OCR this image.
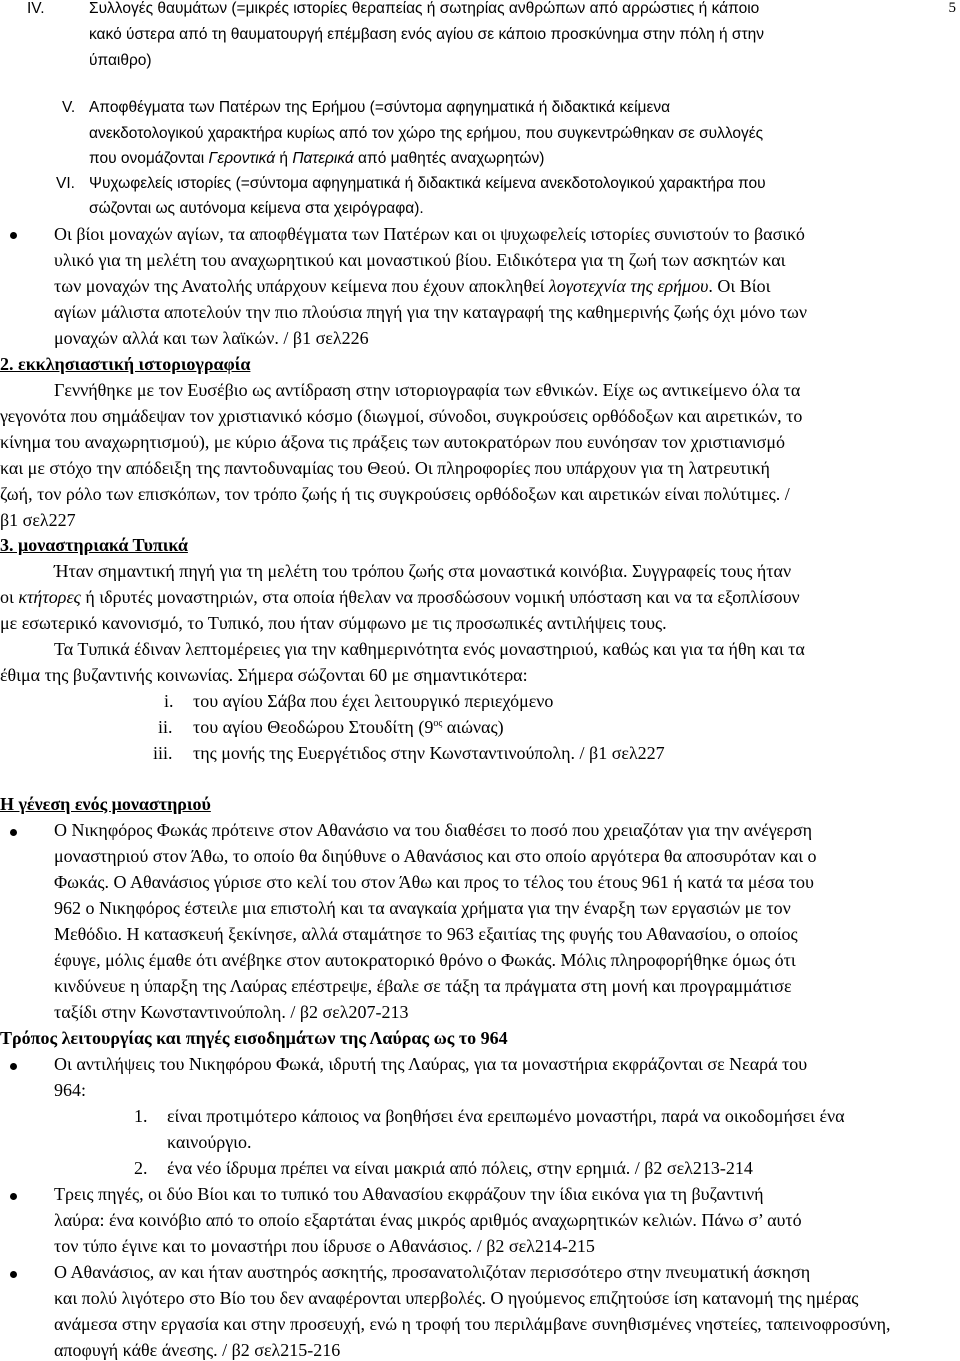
5
IV.	Συλλογές θαυμάτων (=μικρές ιστορίες θεραπείας ή σωτηρίας ανθρώπων από αρρώστιες ή κάποιο
κακό ύστερα από τη θαυματουργή επέμβαση ενός αγίου σε κάποιο προσκύνημα στην πόλη ή στην
ύπαιθρο)
V. Αποφθέγματα των Πατέρων της Ερήμου (=σύντομα αφηγηματικά ή διδακτικά κείμενα
ανεκδοτολογικού χαρακτήρα κυρίως από τον χώρο της ερήμου, που συγκεντρώθηκαν σε συλλογές
που ονομάζονται Γεροντικά ή Πατερικά από μαθητές αναχωρητών)
VI. Ψυχωφελείς ιστορίες (=σύντομα αφηγηματικά ή διδακτικά κείμενα ανεκδοτολογικού χαρακτήρα που
σώζονται ως αυτόνομα κείμενα στα χειρόγραφα).
Οι βίοι μοναχών αγίων, τα αποφθέγματα των Πατέρων και οι ψυχωφελείς ιστορίες συνιστούν το βασικό
υλικό για τη μελέτη του αναχωρητικού και μοναστικού βίου. Ειδικότερα για τη ζωή των ασκητών και
των μοναχών της Ανατολής υπάρχουν κείμενα που έχουν αποκληθεί λογοτεχνία της ερήμου. Οι Βίοι
αγίων μάλιστα αποτελούν την πιο πλούσια πηγή για την καταγραφή της καθημερινής ζωής όχι μόνο των
μοναχών αλλά και των λαϊκών. / β1 σελ226
2. εκκλησιαστική ιστοριογραφία
Γεννήθηκε με τον Ευσέβιο ως αντίδραση στην ιστοριογραφία των εθνικών. Είχε ως αντικείμενο όλα τα
γεγονότα που σημάδεψαν τον χριστιανικό κόσμο (διωγμοί, σύνοδοι, συγκρούσεις ορθόδοξων και αιρετικών, το
κίνημα του αναχωρητισμού), με κύριο άξονα τις πράξεις των αυτοκρατόρων που ευνόησαν τον χριστιανισμό
και με στόχο την απόδειξη της παντοδυναμίας του Θεού. Οι πληροφορίες που υπάρχουν για τη λατρευτική
ζωή, τον ρόλο των επισκόπων, τον τρόπο ζωής ή τις συγκρούσεις ορθόδοξων και αιρετικών είναι πολύτιμες. /
β1 σελ227
3. μοναστηριακά Τυπικά
Ήταν σημαντική πηγή για τη μελέτη του τρόπου ζωής στα μοναστικά κοινόβια. Συγγραφείς τους ήταν
οι κτήτορες ή ιδρυτές μοναστηριών, στα οποία ήθελαν να προσδώσουν νομική υπόσταση και να τα εξοπλίσουν
με εσωτερικό κανονισμό, το Τυπικό, που ήταν σύμφωνο με τις προσωπικές αντιλήψεις τους.
Τα Τυπικά έδιναν λεπτομέρειες για την καθημερινότητα ενός μοναστηριού, καθώς και για τα ήθη και τα
έθιμα της βυζαντινής κοινωνίας. Σήμερα σώζονται 60 με σημαντικότερα:
i. του αγίου Σάβα που έχει λειτουργικό περιεχόμενο
ii. του αγίου Θεοδώρου Στουδίτη ($9^{o\varsigma}$ αιώνας)
iii. της μονής της Ευεργέτιδος στην Κωνσταντινούπολη. / β1 σελ227
Η γένεση ενός μοναστηριού
Ο Νικηφόρος Φωκάς πρότεινε στον Αθανάσιο να του διαθέσει το ποσό που χρειαζόταν για την ανέγερση
μοναστηριού στον Άθω, το οποίο θα διηύθυνε ο Αθανάσιος και στο οποίο αργότερα θα αποσυρόταν και ο
Φωκάς. Ο Αθανάσιος γύρισε στο κελί του στον Άθω και προς το τέλος του έτους 961 ή κατά τα μέσα του
962 ο Νικηφόρος έστειλε μια επιστολή και τα αναγκαία χρήματα για την έναρξη των εργασιών με τον
Μεθόδιο. Η κατασκευή ξεκίνησε, αλλά σταμάτησε το 963 εξαιτίας της φυγής του Αθανασίου, ο οποίος
έφυγε, μόλις έμαθε ότι ανέβηκε στον αυτοκρατορικό θρόνο ο Φωκάς. Μόλις πληροφορήθηκε όμως ότι
κινδύνευε η ύπαρξη της Λαύρας επέστρεψε, έβαλε σε τάξη τα πράγματα στη μονή και προγραμμάτισε
ταξίδι στην Κωνσταντινούπολη. / β2 σελ207-213
Τρόπος λειτουργίας και πηγές εισοδημάτων της Λαύρας ως το 964
Οι αντιλήψεις του Νικηφόρου Φωκά, ιδρυτή της Λαύρας, για τα μοναστήρια εκφράζονται σε Νεαρά του
964:
1. είναι προτιμότερο κάποιος να βοηθήσει ένα ερειπωμένο μοναστήρι, παρά να οικοδομήσει ένα
καινούργιο.
2. ένα νέο ίδρυμα πρέπει να είναι μακριά από πόλεις, στην ερημιά. / β2 σελ213-214
Τρεις πηγές, οι δύο Βίοι και το τυπικό του Αθανασίου εκφράζουν την ίδια εικόνα για τη βυζαντινή
λαύρα: ένα κοινόβιο από το οποίο εξαρτάται ένας μικρός αριθμός αναχωρητικών κελιών. Πάνω σ’ αυτό
τον τύπο έγινε και το μοναστήρι που ίδρυσε ο Αθανάσιος. / β2 σελ214-215
Ο Αθανάσιος, αν και ήταν αυστηρός ασκητής, προσανατολιζόταν περισσότερο στην πνευματική άσκηση
και πολύ λιγότερο στο Βίο του δεν αναφέρονται υπερβολές. Ο ηγούμενος επιζητούσε ίση κατανομή της ημέρας
ανάμεσα στην εργασία και στην προσευχή, ενώ η τροφή του περιλάμβανε συνηθισμένες νηστείες, ταπεινοφροσύνη,
αποφυγή κάθε άνεσης. / β2 σελ215-216
